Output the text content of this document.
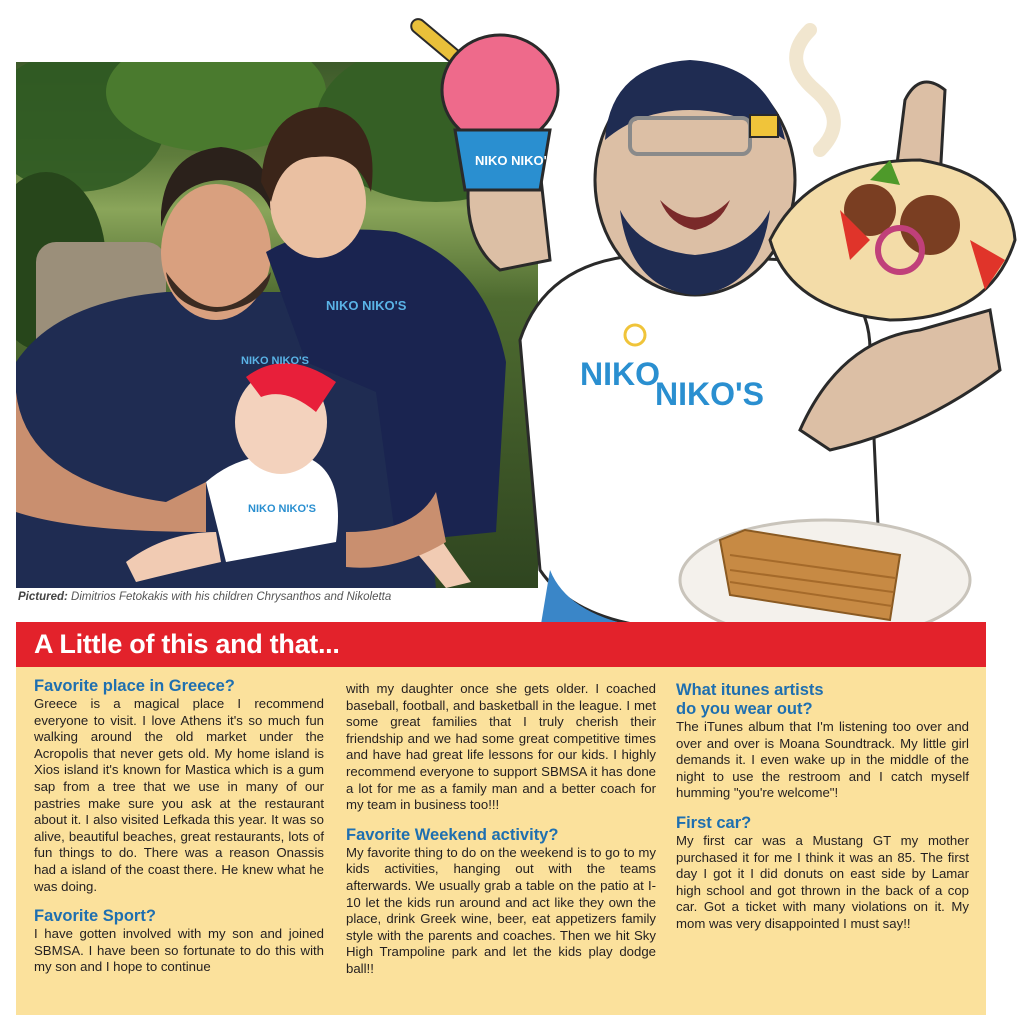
NIKO NIKO'S
NIKO NIKO'S
NIKO NIKO'S
Pictured: Dimitrios Fetokakis with his children Chrysanthos and Nikoletta
NIKO NIKO'S
NIKO
NIKO'S
A Little of this and that...
Favorite place in Greece?
Greece is a magical place I recommend everyone to visit. I love Athens it's so much fun walking around the old market under the Acropolis that never gets old. My home island is Xios island it's known for Mastica which is a gum sap from a tree that we use in many of our pastries make sure you ask at the restaurant about it. I also visited Lefkada this year. It was so alive, beautiful beaches, great restaurants, lots of fun things to do. There was a reason Onassis had a island of the coast there. He knew what he was doing.
Favorite Sport?
I have gotten involved with my son and joined SBMSA. I have been so fortunate to do this with my son and I hope to continue
with my daughter once she gets older. I coached baseball, football, and basketball in the league. I met some great families that I truly cherish their friendship and we had some great competitive times and have had great life lessons for our kids. I highly recommend everyone to support SBMSA it has done a lot for me as a family man and a better coach for my team in business too!!!
Favorite Weekend activity?
My favorite thing to do on the weekend is to go to my kids activities, hanging out with the teams afterwards. We usually grab a table on the patio at I-10 let the kids run around and act like they own the place, drink Greek wine, beer, eat appetizers family style with the parents and coaches. Then we hit Sky High Trampoline park and let the kids play dodge ball!!
What itunes artists
do you wear out?
The iTunes album that I'm listening too over and over and over is Moana Soundtrack. My little girl demands it. I even wake up in the middle of the night to use the restroom and I catch myself humming "you're welcome"!
First car?
My first car was a Mustang GT my mother purchased it for me I think it was an 85. The first day I got it I did donuts on east side by Lamar high school and got thrown in the back of a cop car. Got a ticket with many violations on it. My mom was very disappointed I must say!!
